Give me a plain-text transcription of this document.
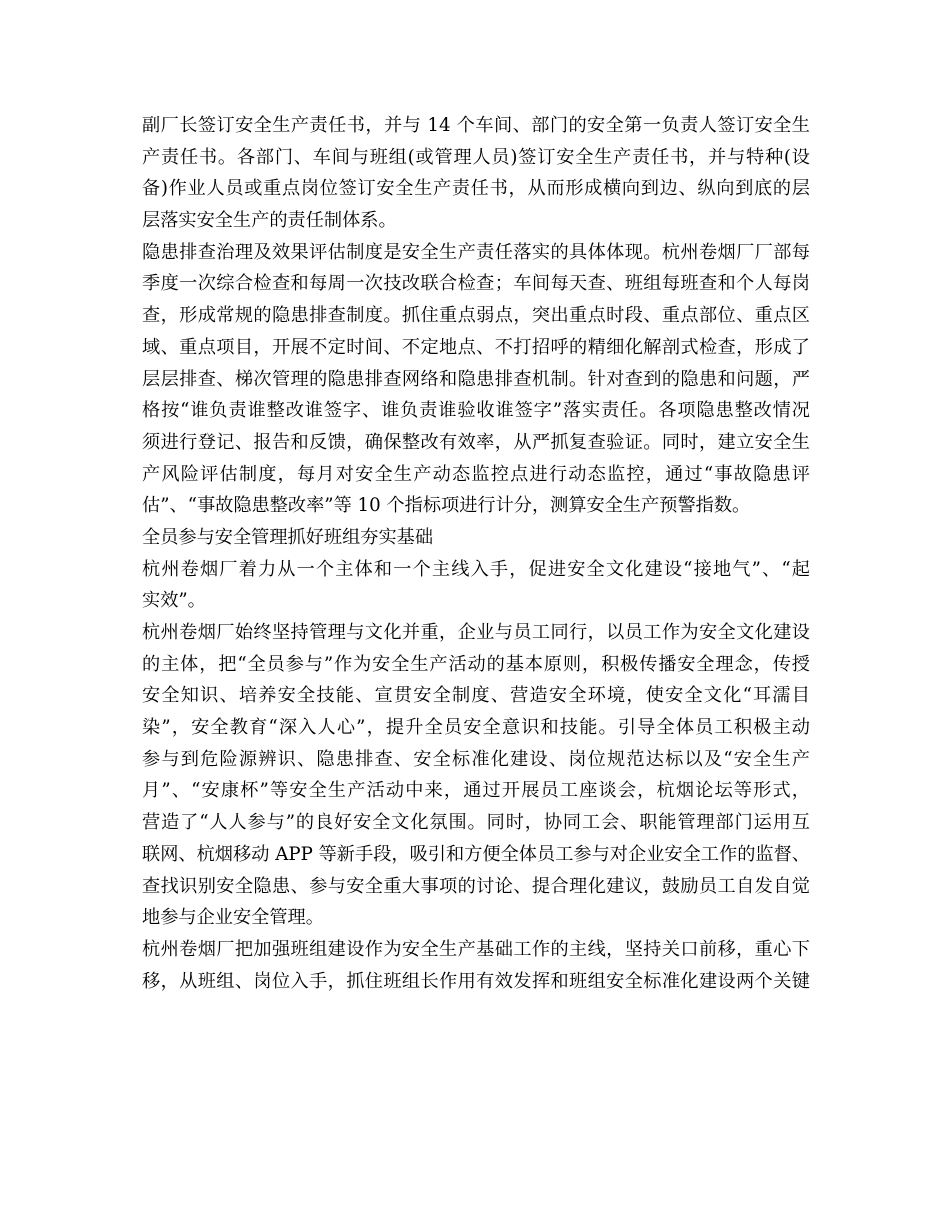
副厂长签订安全生产责任书，并与 14 个车间、部门的安全第一负责人签订安全生
产责任书。各部门、车间与班组(或管理人员)签订安全生产责任书，并与特种(设
备)作业人员或重点岗位签订安全生产责任书，从而形成横向到边、纵向到底的层
层落实安全生产的责任制体系。
隐患排查治理及效果评估制度是安全生产责任落实的具体体现。杭州卷烟厂厂部每
季度一次综合检查和每周一次技改联合检查；车间每天查、班组每班查和个人每岗
查，形成常规的隐患排查制度。抓住重点弱点，突出重点时段、重点部位、重点区
域、重点项目，开展不定时间、不定地点、不打招呼的精细化解剖式检查，形成了
层层排查、梯次管理的隐患排查网络和隐患排查机制。针对查到的隐患和问题，严
格按“谁负责谁整改谁签字、谁负责谁验收谁签字”落实责任。各项隐患整改情况
须进行登记、报告和反馈，确保整改有效率，从严抓复查验证。同时，建立安全生
产风险评估制度，每月对安全生产动态监控点进行动态监控，通过“事故隐患评
估”、“事故隐患整改率”等 10 个指标项进行计分，测算安全生产预警指数。
全员参与安全管理抓好班组夯实基础
杭州卷烟厂着力从一个主体和一个主线入手，促进安全文化建设“接地气”、“起
实效”。
杭州卷烟厂始终坚持管理与文化并重，企业与员工同行，以员工作为安全文化建设
的主体，把“全员参与”作为安全生产活动的基本原则，积极传播安全理念，传授
安全知识、培养安全技能、宣贯安全制度、营造安全环境，使安全文化“耳濡目
染”，安全教育“深入人心”，提升全员安全意识和技能。引导全体员工积极主动
参与到危险源辨识、隐患排查、安全标准化建设、岗位规范达标以及“安全生产
月”、“安康杯”等安全生产活动中来，通过开展员工座谈会，杭烟论坛等形式，
营造了“人人参与”的良好安全文化氛围。同时，协同工会、职能管理部门运用互
联网、杭烟移动 APP 等新手段，吸引和方便全体员工参与对企业安全工作的监督、
查找识别安全隐患、参与安全重大事项的讨论、提合理化建议，鼓励员工自发自觉
地参与企业安全管理。
杭州卷烟厂把加强班组建设作为安全生产基础工作的主线，坚持关口前移，重心下
移，从班组、岗位入手，抓住班组长作用有效发挥和班组安全标准化建设两个关键
